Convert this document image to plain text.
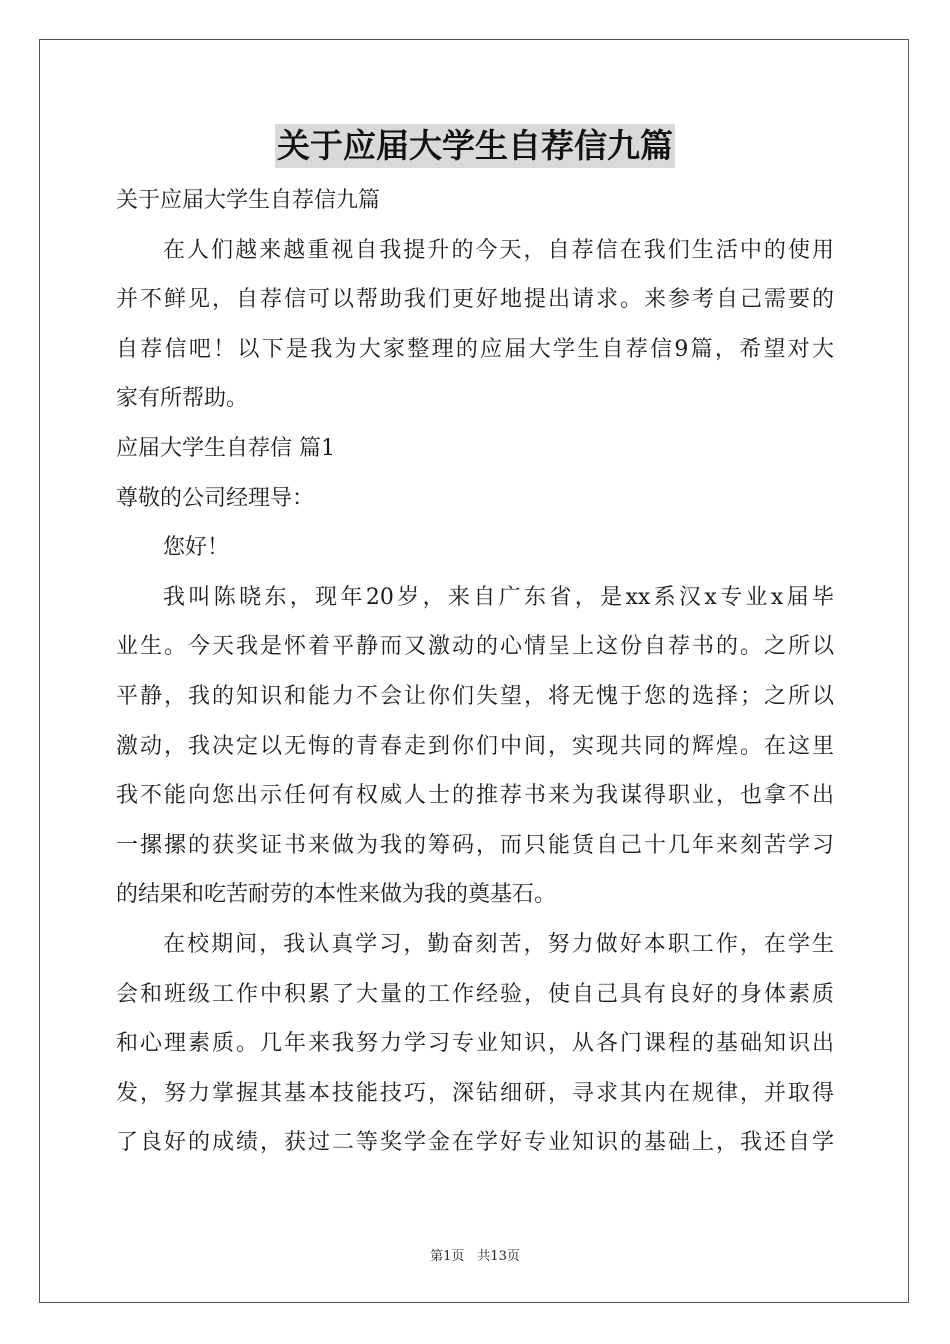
关于应届大学生自荐信九篇
关于应届大学生自荐信九篇
在人们越来越重视自我提升的今天，自荐信在我们生活中的使用
并不鲜见，自荐信可以帮助我们更好地提出请求。来参考自己需要的
自荐信吧！以下是我为大家整理的应届大学生自荐信9篇，希望对大
家有所帮助。
应届大学生自荐信 篇1
尊敬的公司经理导：
您好！
我叫陈晓东，现年20岁，来自广东省，是xx系汉x专业x届毕
业生。今天我是怀着平静而又激动的心情呈上这份自荐书的。之所以
平静，我的知识和能力不会让你们失望，将无愧于您的选择；之所以
激动，我决定以无悔的青春走到你们中间，实现共同的辉煌。在这里
我不能向您出示任何有权威人士的推荐书来为我谋得职业，也拿不出
一摞摞的获奖证书来做为我的筹码，而只能赁自己十几年来刻苦学习
的结果和吃苦耐劳的本性来做为我的奠基石。
在校期间，我认真学习，勤奋刻苦，努力做好本职工作，在学生
会和班级工作中积累了大量的工作经验，使自己具有良好的身体素质
和心理素质。几年来我努力学习专业知识，从各门课程的基础知识出
发，努力掌握其基本技能技巧，深钻细研，寻求其内在规律，并取得
了良好的成绩，获过二等奖学金在学好专业知识的基础上，我还自学
第1页　共13页
